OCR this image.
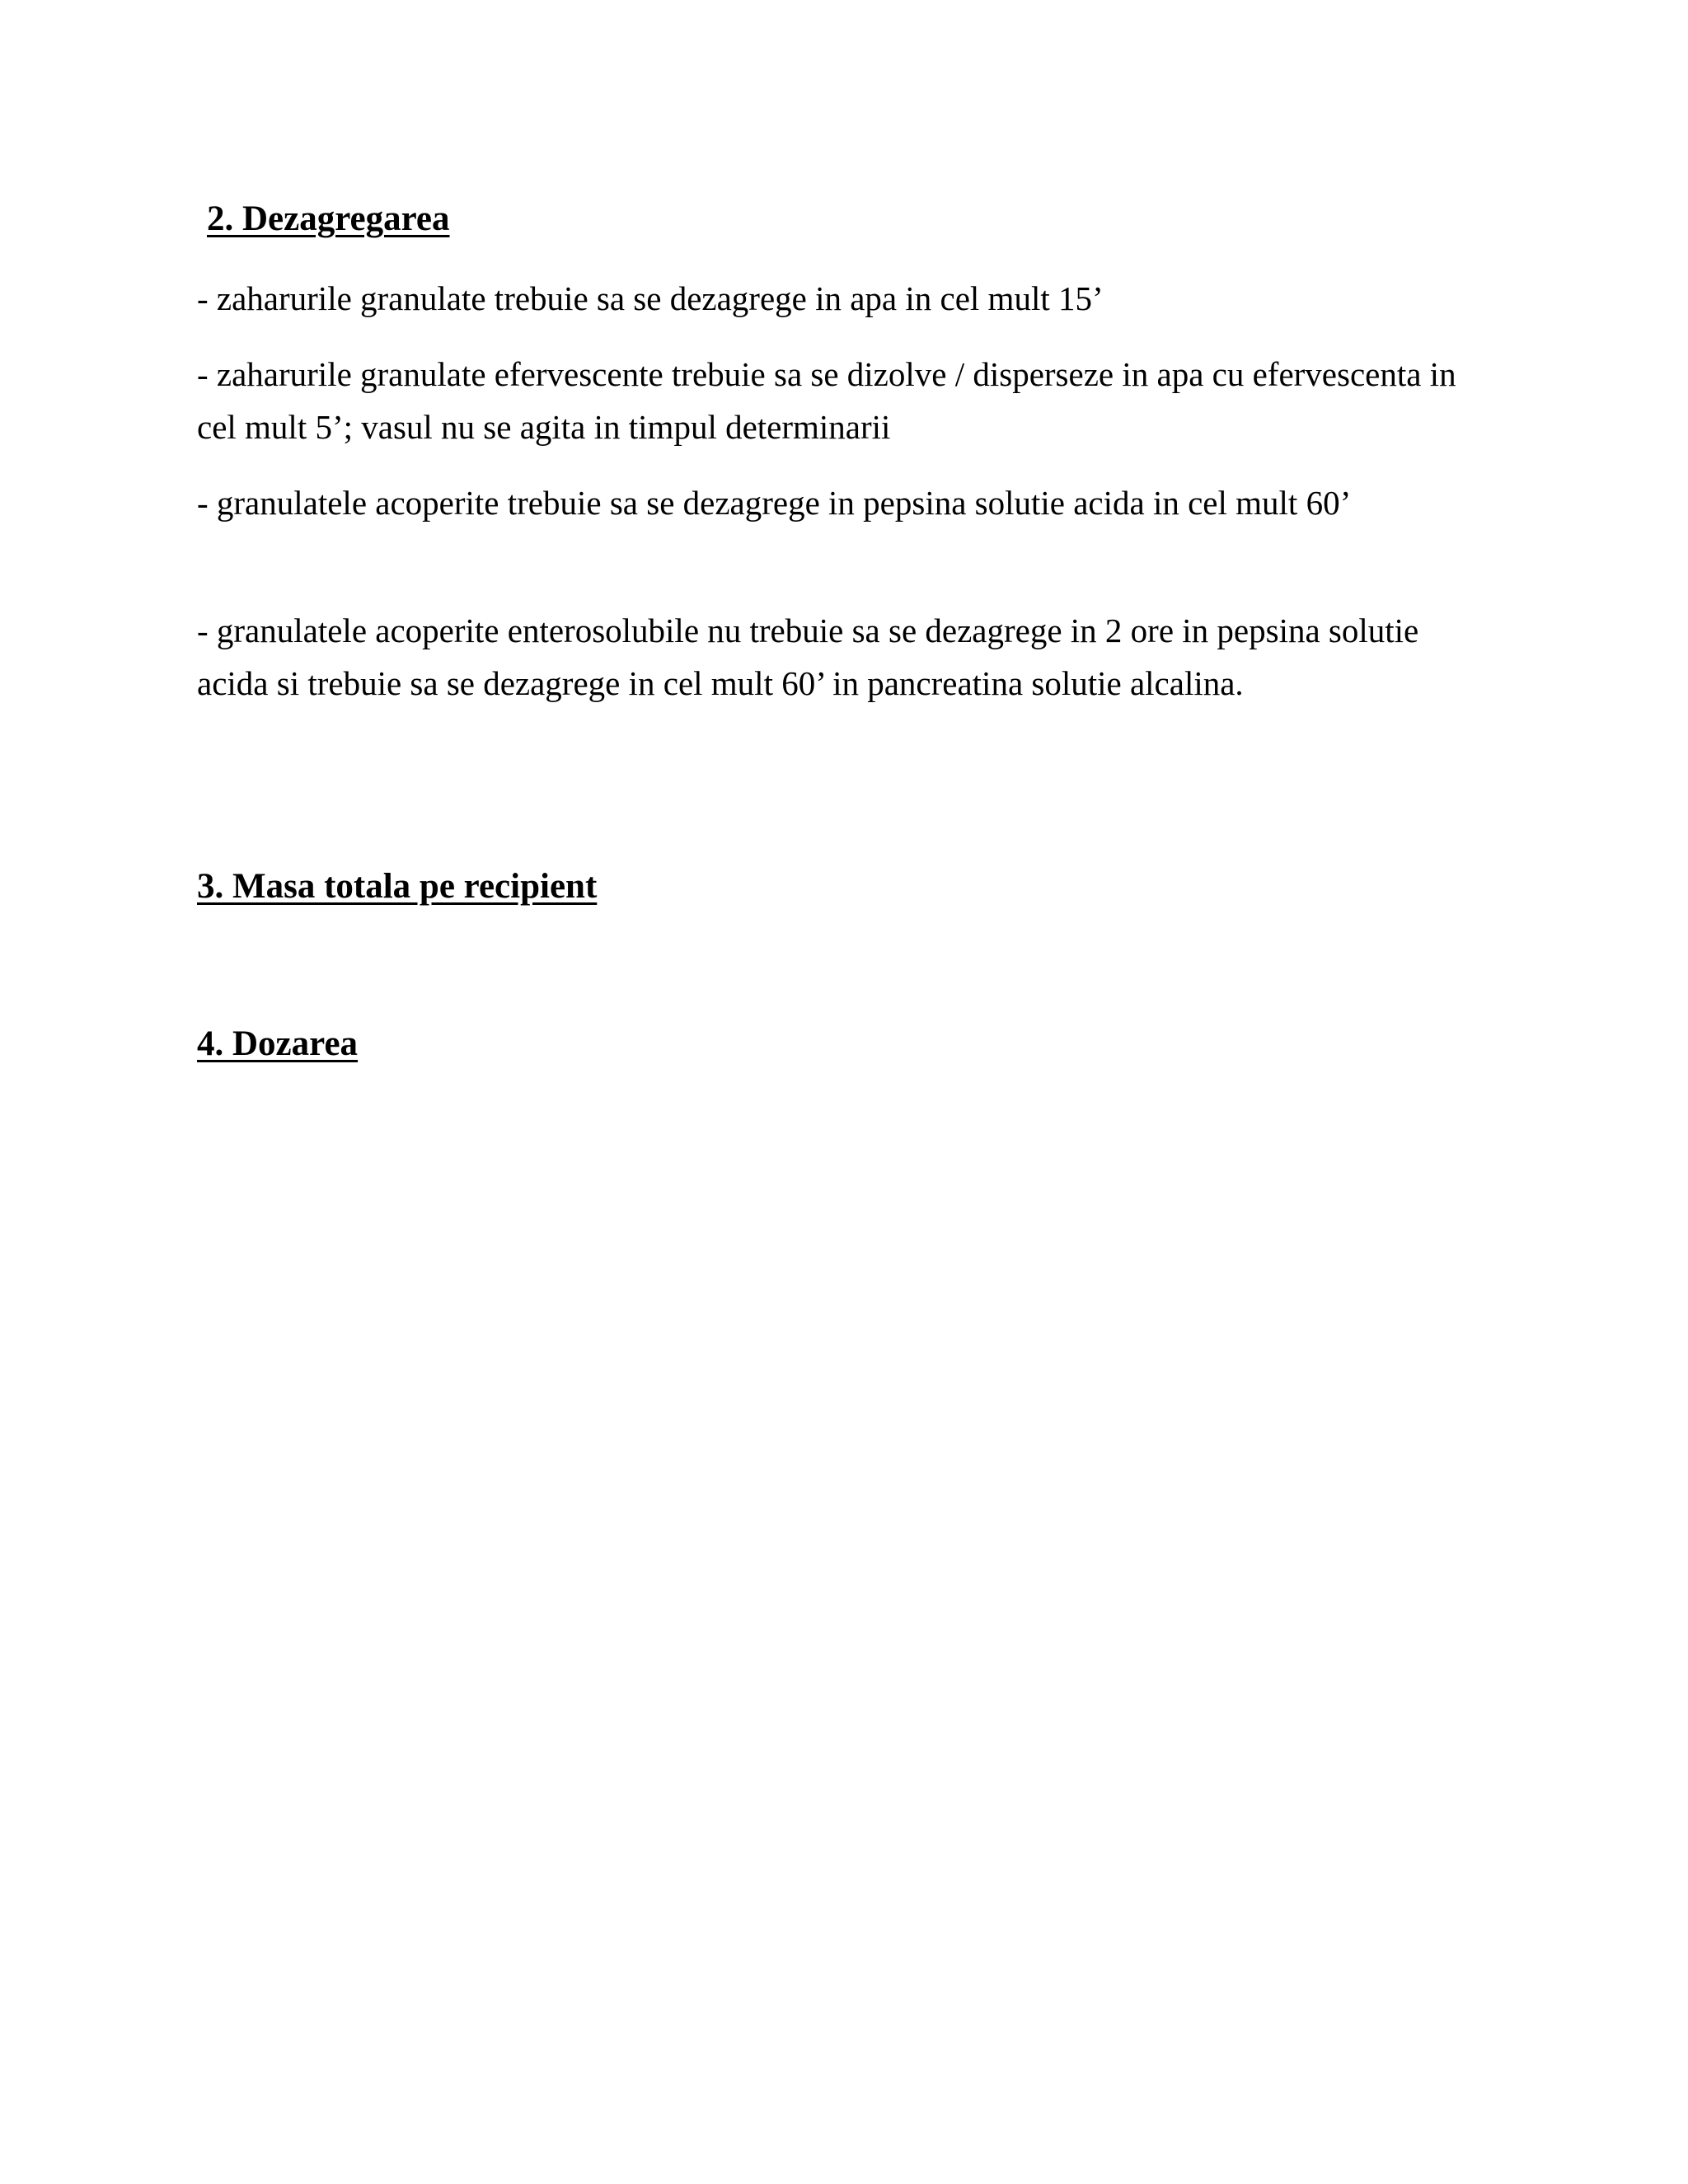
2. Dezagregarea

- zaharurile granulate trebuie sa se dezagrege in apa in cel mult 15’

- zaharurile granulate efervescente trebuie sa se dizolve / disperseze in apa cu efervescenta in cel mult 5’; vasul nu se agita in timpul determinarii

- granulatele acoperite trebuie sa se dezagrege in pepsina solutie acida in cel mult 60’

- granulatele acoperite enterosolubile nu trebuie sa se dezagrege in 2 ore in pepsina solutie acida si trebuie sa se dezagrege in cel mult 60’ in pancreatina solutie alcalina.

3. Masa totala pe recipient
4. Dozarea
